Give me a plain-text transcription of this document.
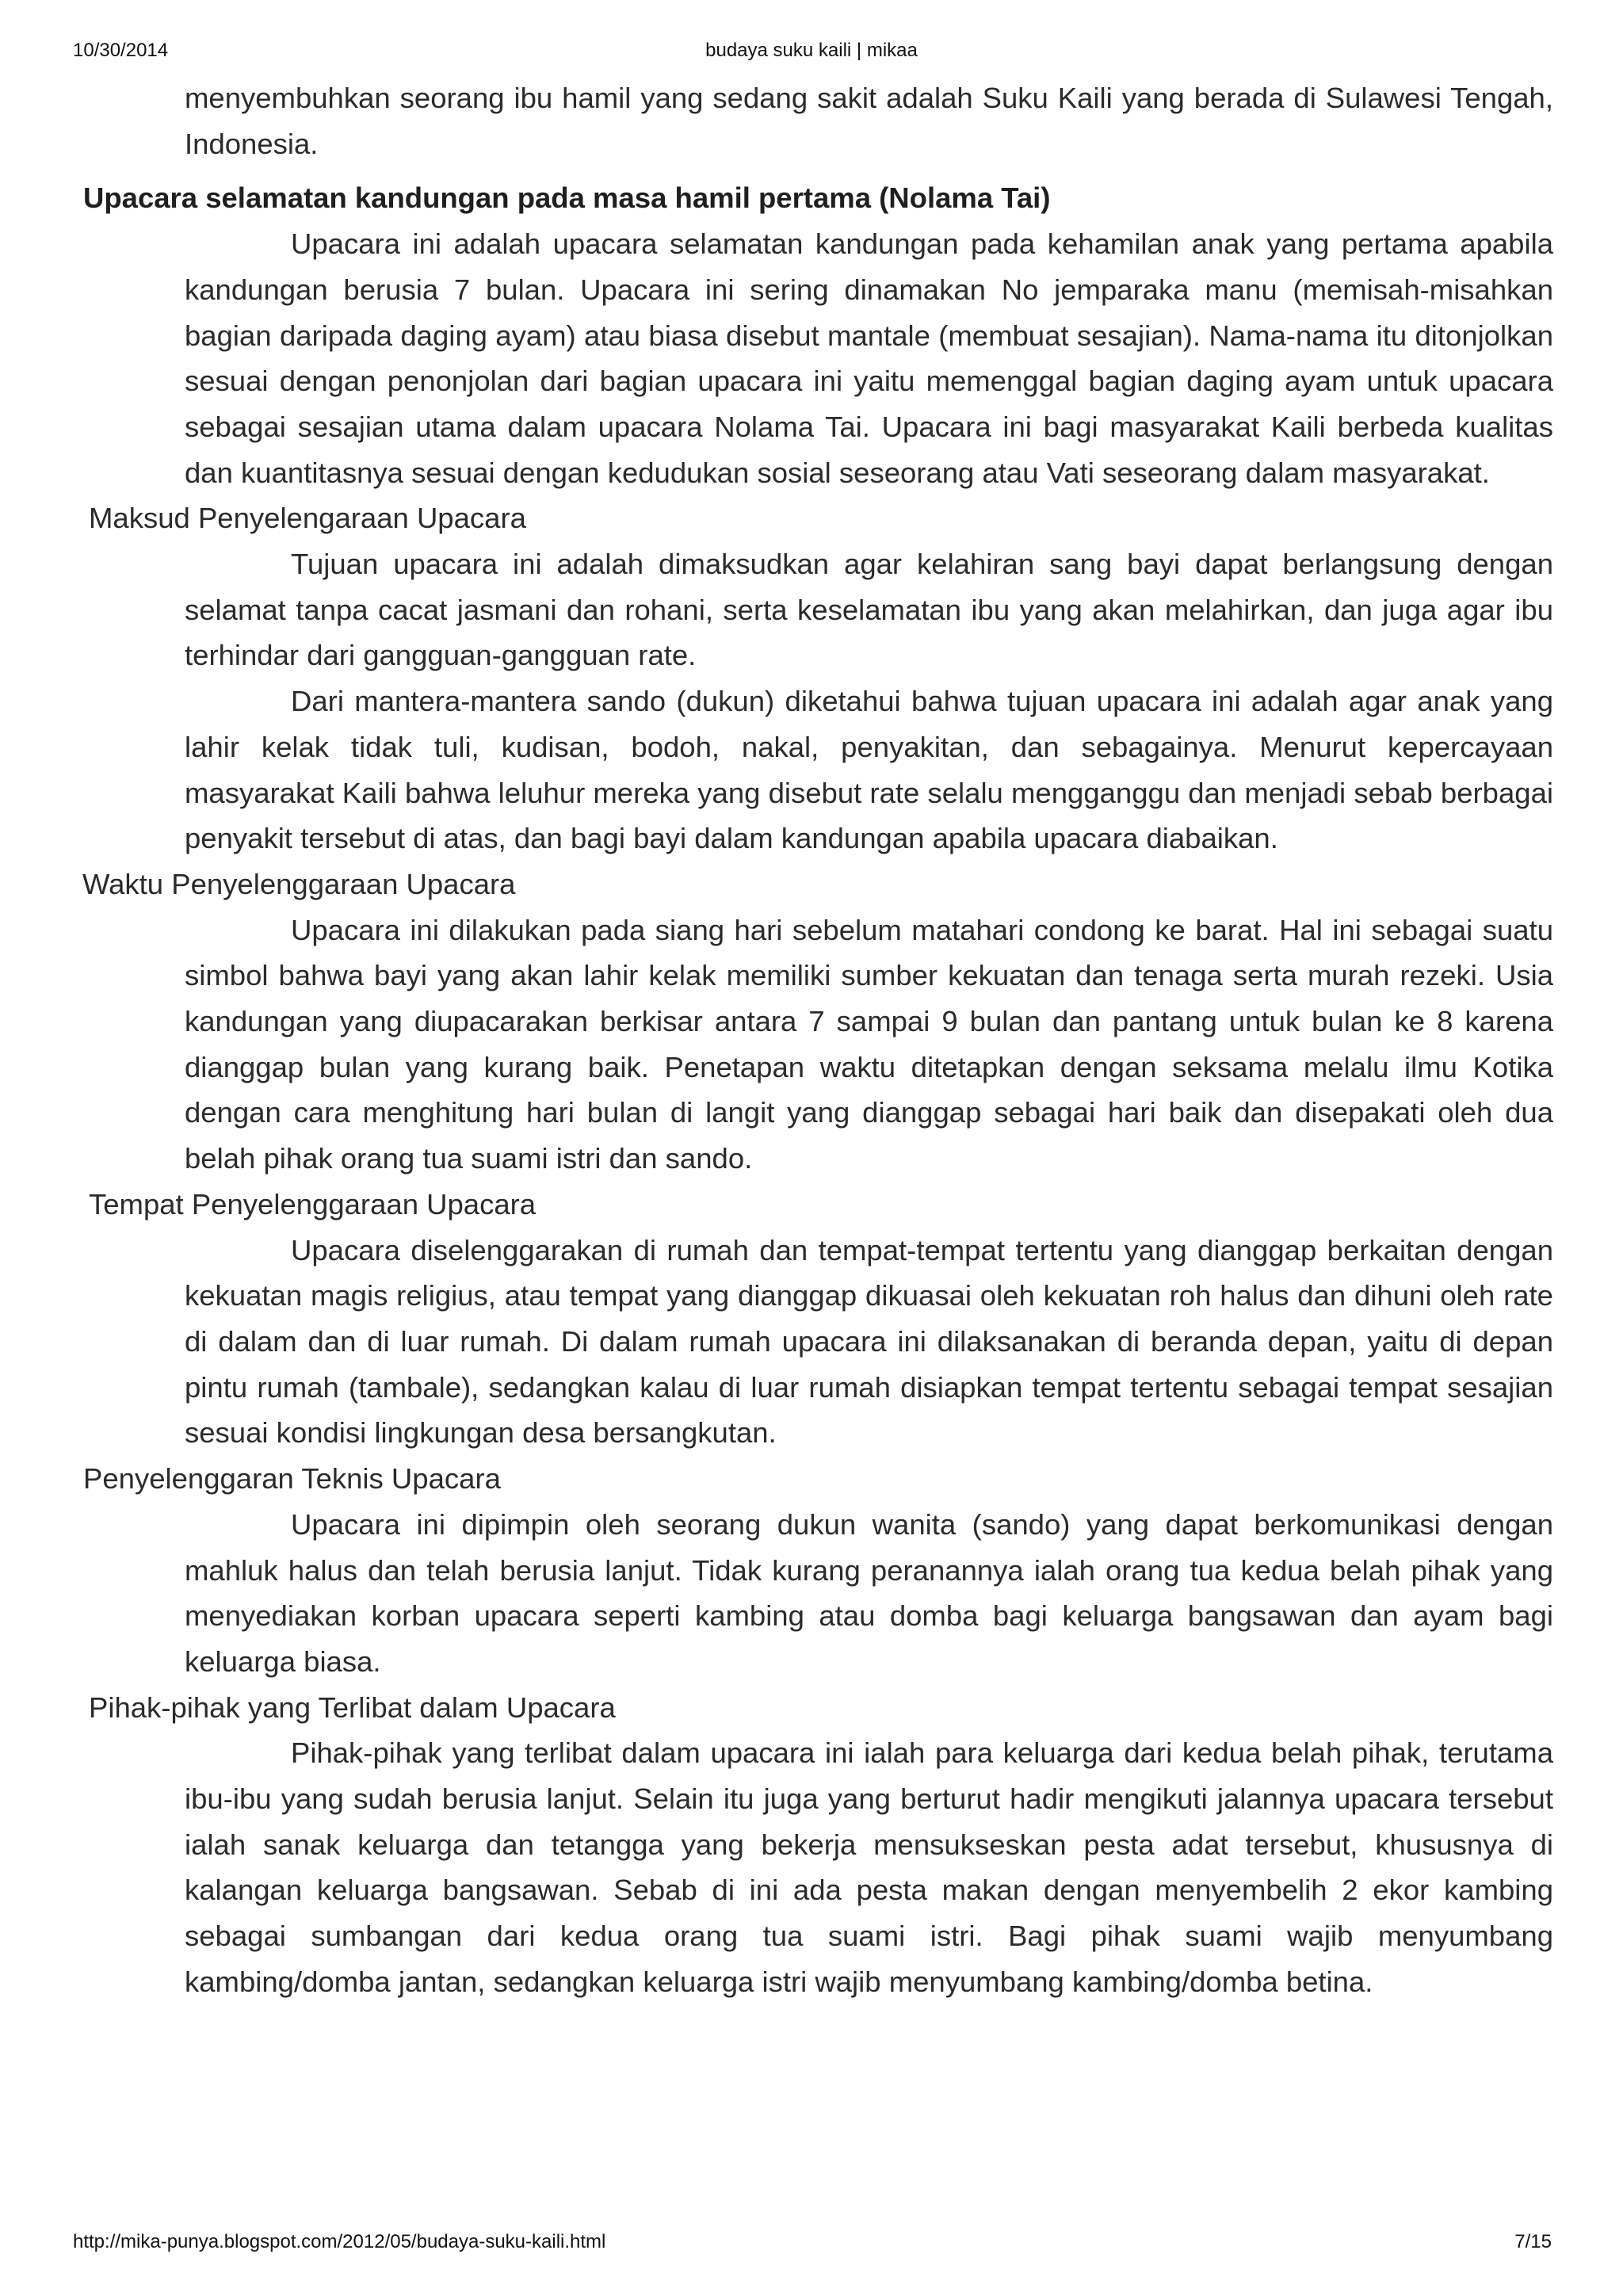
10/30/2014	budaya suku kaili | mikaa

menyembuhkan seorang ibu hamil yang sedang sakit adalah Suku Kaili yang berada di Sulawesi Tengah, Indonesia.

Upacara selamatan kandungan pada masa hamil pertama (Nolama Tai)

Upacara ini adalah upacara selamatan kandungan pada kehamilan anak yang pertama apabila kandungan berusia 7 bulan. Upacara ini sering dinamakan No jemparaka manu (memisah-misahkan bagian daripada daging ayam) atau biasa disebut mantale (membuat sesajian). Nama-nama itu ditonjolkan sesuai dengan penonjolan dari bagian upacara ini yaitu memenggal bagian daging ayam untuk upacara sebagai sesajian utama dalam upacara Nolama Tai. Upacara ini bagi masyarakat Kaili berbeda kualitas dan kuantitasnya sesuai dengan kedudukan sosial seseorang atau Vati seseorang dalam masyarakat.

Maksud Penyelengaraan Upacara

Tujuan upacara ini adalah dimaksudkan agar kelahiran sang bayi dapat berlangsung dengan selamat tanpa cacat jasmani dan rohani, serta keselamatan ibu yang akan melahirkan, dan juga agar ibu terhindar dari gangguan-gangguan rate.

Dari mantera-mantera sando (dukun) diketahui bahwa tujuan upacara ini adalah agar anak yang lahir kelak tidak tuli, kudisan, bodoh, nakal, penyakitan, dan sebagainya. Menurut kepercayaan masyarakat Kaili bahwa leluhur mereka yang disebut rate selalu mengganggu dan menjadi sebab berbagai penyakit tersebut di atas, dan bagi bayi dalam kandungan apabila upacara diabaikan.

Waktu Penyelenggaraan Upacara

Upacara ini dilakukan pada siang hari sebelum matahari condong ke barat. Hal ini sebagai suatu simbol bahwa bayi yang akan lahir kelak memiliki sumber kekuatan dan tenaga serta murah rezeki. Usia kandungan yang diupacarakan berkisar antara 7 sampai 9 bulan dan pantang untuk bulan ke 8 karena dianggap bulan yang kurang baik. Penetapan waktu ditetapkan dengan seksama melalu ilmu Kotika dengan cara menghitung hari bulan di langit yang dianggap sebagai hari baik dan disepakati oleh dua belah pihak orang tua suami istri dan sando.

Tempat Penyelenggaraan Upacara

Upacara diselenggarakan di rumah dan tempat-tempat tertentu yang dianggap berkaitan dengan kekuatan magis religius, atau tempat yang dianggap dikuasai oleh kekuatan roh halus dan dihuni oleh rate di dalam dan di luar rumah. Di dalam rumah upacara ini dilaksanakan di beranda depan, yaitu di depan pintu rumah (tambale), sedangkan kalau di luar rumah disiapkan tempat tertentu sebagai tempat sesajian sesuai kondisi lingkungan desa bersangkutan.

Penyelenggaran Teknis Upacara

Upacara ini dipimpin oleh seorang dukun wanita (sando) yang dapat berkomunikasi dengan mahluk halus dan telah berusia lanjut. Tidak kurang peranannya ialah orang tua kedua belah pihak yang menyediakan korban upacara seperti kambing atau domba bagi keluarga bangsawan dan ayam bagi keluarga biasa.

Pihak-pihak yang Terlibat dalam Upacara

Pihak-pihak yang terlibat dalam upacara ini ialah para keluarga dari kedua belah pihak, terutama ibu-ibu yang sudah berusia lanjut. Selain itu juga yang berturut hadir mengikuti jalannya upacara tersebut ialah sanak keluarga dan tetangga yang bekerja mensukseskan pesta adat tersebut, khususnya di kalangan keluarga bangsawan. Sebab di ini ada pesta makan dengan menyembelih 2 ekor kambing sebagai sumbangan dari kedua orang tua suami istri. Bagi pihak suami wajib menyumbang kambing/domba jantan, sedangkan keluarga istri wajib menyumbang kambing/domba betina.

http://mika-punya.blogspot.com/2012/05/budaya-suku-kaili.html	7/15
